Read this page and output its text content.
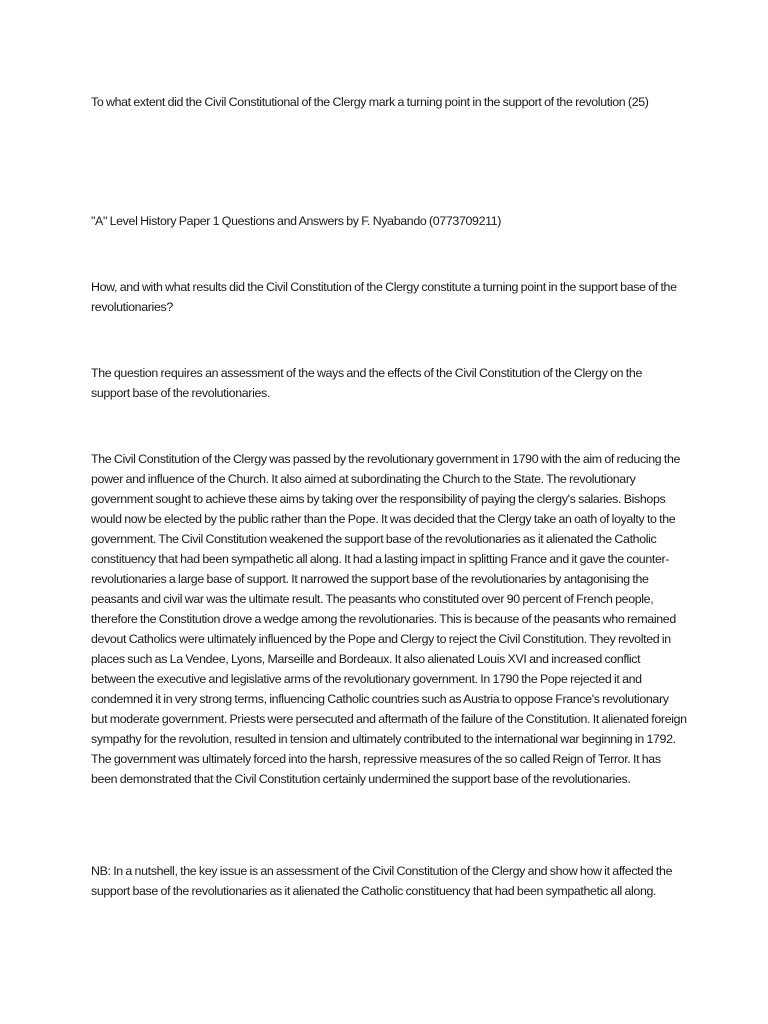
To what extent did the Civil Constitutional of the Clergy mark a turning point in the support of the revolution (25)

"A" Level History Paper 1 Questions and Answers by F. Nyabando (0773709211)

How, and with what results did the Civil Constitution of the Clergy constitute a turning point in the support base of the revolutionaries?

The question requires an assessment of the ways and the effects of the Civil Constitution of the Clergy on the support base of the revolutionaries.

The Civil Constitution of the Clergy was passed by the revolutionary government in 1790 with the aim of reducing the power and influence of the Church. It also aimed at subordinating the Church to the State. The revolutionary government sought to achieve these aims by taking over the responsibility of paying the clergy's salaries. Bishops would now be elected by the public rather than the Pope. It was decided that the Clergy take an oath of loyalty to the government. The Civil Constitution weakened the support base of the revolutionaries as it alienated the Catholic constituency that had been sympathetic all along. It had a lasting impact in splitting France and it gave the counter-revolutionaries a large base of support. It narrowed the support base of the revolutionaries by antagonising the peasants and civil war was the ultimate result. The peasants who constituted over 90 percent of French people, therefore the Constitution drove a wedge among the revolutionaries. This is because of the peasants who remained devout Catholics were ultimately influenced by the Pope and Clergy to reject the Civil Constitution. They revolted in places such as La Vendee, Lyons, Marseille and Bordeaux. It also alienated Louis XVI and increased conflict between the executive and legislative arms of the revolutionary government. In 1790 the Pope rejected it and condemned it in very strong terms, influencing Catholic countries such as Austria to oppose France's revolutionary but moderate government. Priests were persecuted and aftermath of the failure of the Constitution. It alienated foreign sympathy for the revolution, resulted in tension and ultimately contributed to the international war beginning in 1792. The government was ultimately forced into the harsh, repressive measures of the so called Reign of Terror. It has been demonstrated that the Civil Constitution certainly undermined the support base of the revolutionaries.

NB: In a nutshell, the key issue is an assessment of the Civil Constitution of the Clergy and show how it affected the support base of the revolutionaries as it alienated the Catholic constituency that had been sympathetic all along.
